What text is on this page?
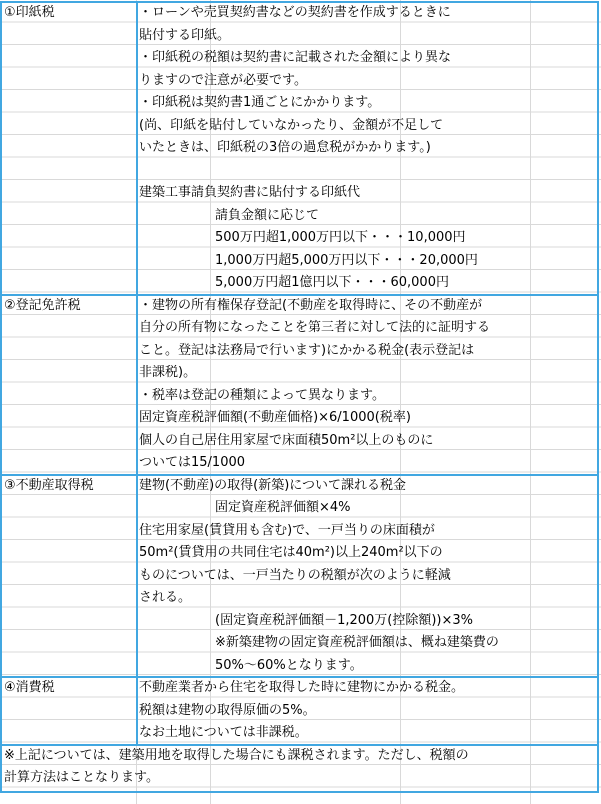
①印紙税	・ローンや売買契約書などの契約書を作成するときに
貼付する印紙。
・印紙税の税額は契約書に記載された金額により異な
りますので注意が必要です。
・印紙税は契約書1通ごとにかかります。
(尚、印紙を貼付していなかったり、金額が不足して
いたときは、印紙税の3倍の過怠税がかかります。)
建築工事請負契約書に貼付する印紙代
請負金額に応じて
500万円超1,000万円以下・・・10,000円
1,000万円超5,000万円以下・・・20,000円
5,000万円超1億円以下・・・60,000円
②登記免許税	・建物の所有権保存登記(不動産を取得時に、その不動産が
自分の所有物になったことを第三者に対して法的に証明する
こと。登記は法務局で行います)にかかる税金(表示登記は
非課税)。
・税率は登記の種類によって異なります。
固定資産税評価額(不動産価格)×6/1000(税率)
個人の自己居住用家屋で床面積50m²以上のものに
ついては15/1000
③不動産取得税	建物(不動産)の取得(新築)について課れる税金
固定資産税評価額×4%
住宅用家屋(賃貸用も含む)で、一戸当りの床面積が
50m²(賃貸用の共同住宅は40m²)以上240m²以下の
ものについては、一戸当たりの税額が次のように軽減
される。
(固定資産税評価額－1,200万(控除額))×3%
※新築建物の固定資産税評価額は、概ね建築費の
50%～60%となります。
④消費税	不動産業者から住宅を取得した時に建物にかかる税金。
税額は建物の取得原価の5%。
なお土地については非課税。
※上記については、建築用地を取得した場合にも課税されます。ただし、税額の
計算方法はことなります。
